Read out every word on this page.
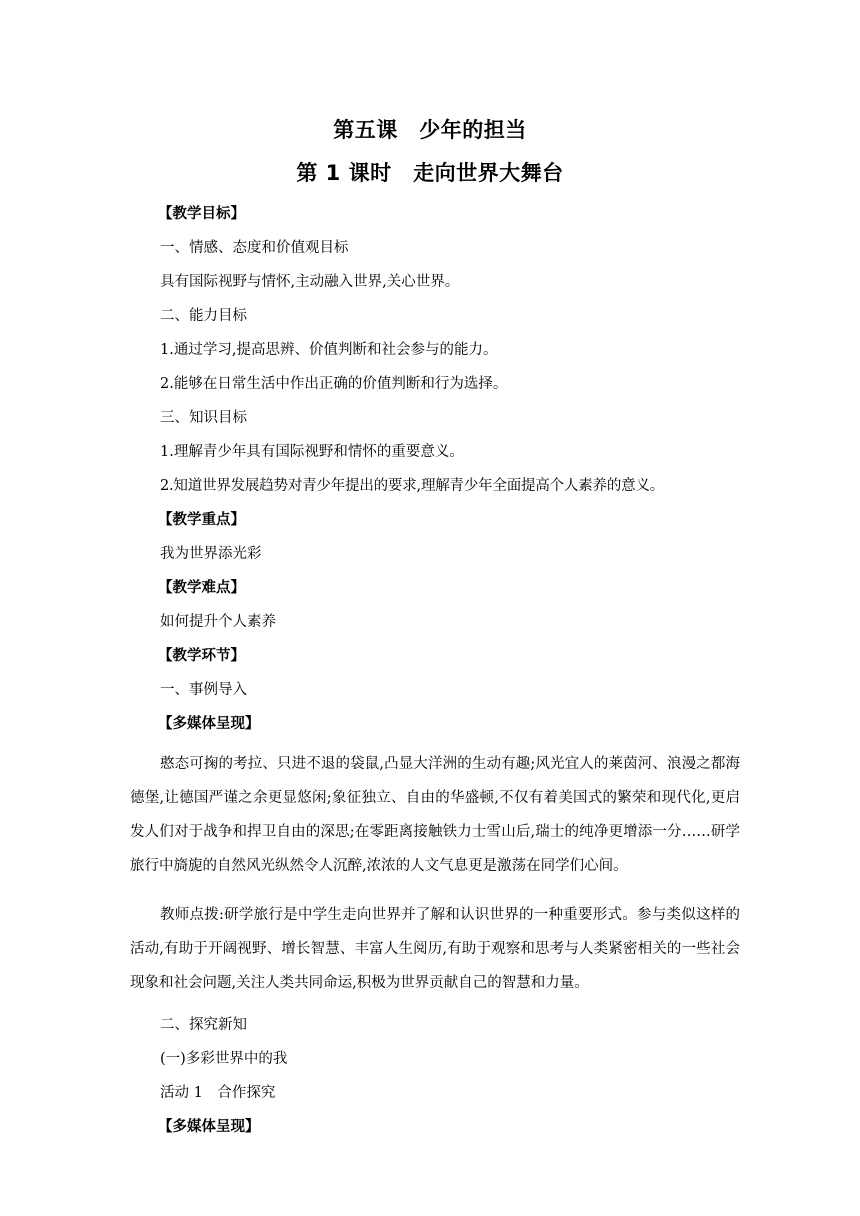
第五课　少年的担当
第 1 课时　走向世界大舞台
【教学目标】
一、情感、态度和价值观目标
具有国际视野与情怀,主动融入世界,关心世界。
二、能力目标
1.通过学习,提高思辨、价值判断和社会参与的能力。
2.能够在日常生活中作出正确的价值判断和行为选择。
三、知识目标
1.理解青少年具有国际视野和情怀的重要意义。
2.知道世界发展趋势对青少年提出的要求,理解青少年全面提高个人素养的意义。
【教学重点】
我为世界添光彩
【教学难点】
如何提升个人素养
【教学环节】
一、事例导入
【多媒体呈现】

憨态可掬的考拉、只进不退的袋鼠,凸显大洋洲的生动有趣;风光宜人的莱茵河、浪漫之都海德堡,让德国严谨之余更显悠闲;象征独立、自由的华盛顿,不仅有着美国式的繁荣和现代化,更启发人们对于战争和捍卫自由的深思;在零距离接触铁力士雪山后,瑞士的纯净更增添一分……研学旅行中旖旎的自然风光纵然令人沉醉,浓浓的人文气息更是激荡在同学们心间。

教师点拨:研学旅行是中学生走向世界并了解和认识世界的一种重要形式。参与类似这样的活动,有助于开阔视野、增长智慧、丰富人生阅历,有助于观察和思考与人类紧密相关的一些社会现象和社会问题,关注人类共同命运,积极为世界贡献自己的智慧和力量。

二、探究新知
(一)多彩世界中的我
活动 1　合作探究
【多媒体呈现】
